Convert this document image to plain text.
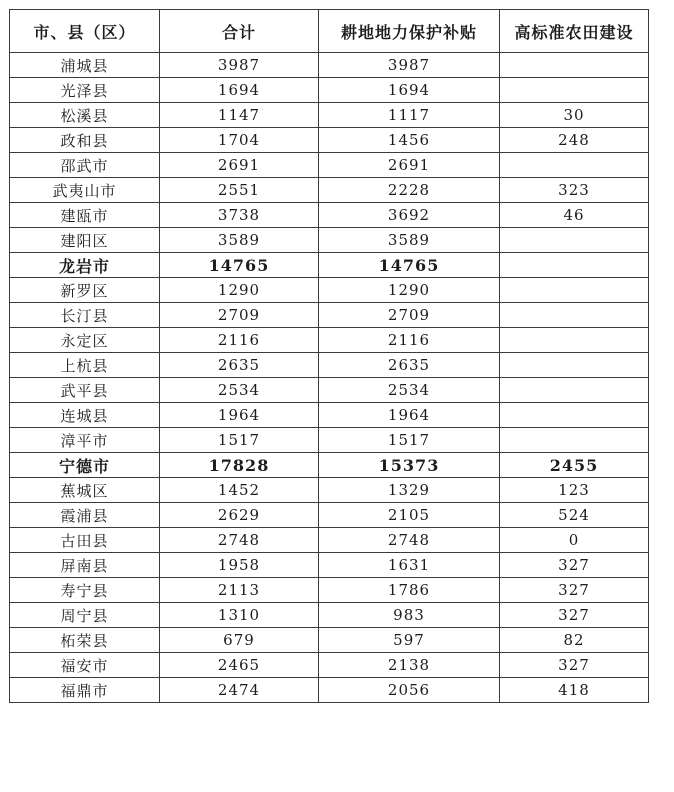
市、县（区）	合计	耕地地力保护补贴	高标准农田建设
浦城县	3987	3987	
光泽县	1694	1694	
松溪县	1147	1117	30
政和县	1704	1456	248
邵武市	2691	2691	
武夷山市	2551	2228	323
建瓯市	3738	3692	46
建阳区	3589	3589	
龙岩市	14765	14765	
新罗区	1290	1290	
长汀县	2709	2709	
永定区	2116	2116	
上杭县	2635	2635	
武平县	2534	2534	
连城县	1964	1964	
漳平市	1517	1517	
宁德市	17828	15373	2455
蕉城区	1452	1329	123
霞浦县	2629	2105	524
古田县	2748	2748	0
屏南县	1958	1631	327
寿宁县	2113	1786	327
周宁县	1310	983	327
柘荣县	679	597	82
福安市	2465	2138	327
福鼎市	2474	2056	418
